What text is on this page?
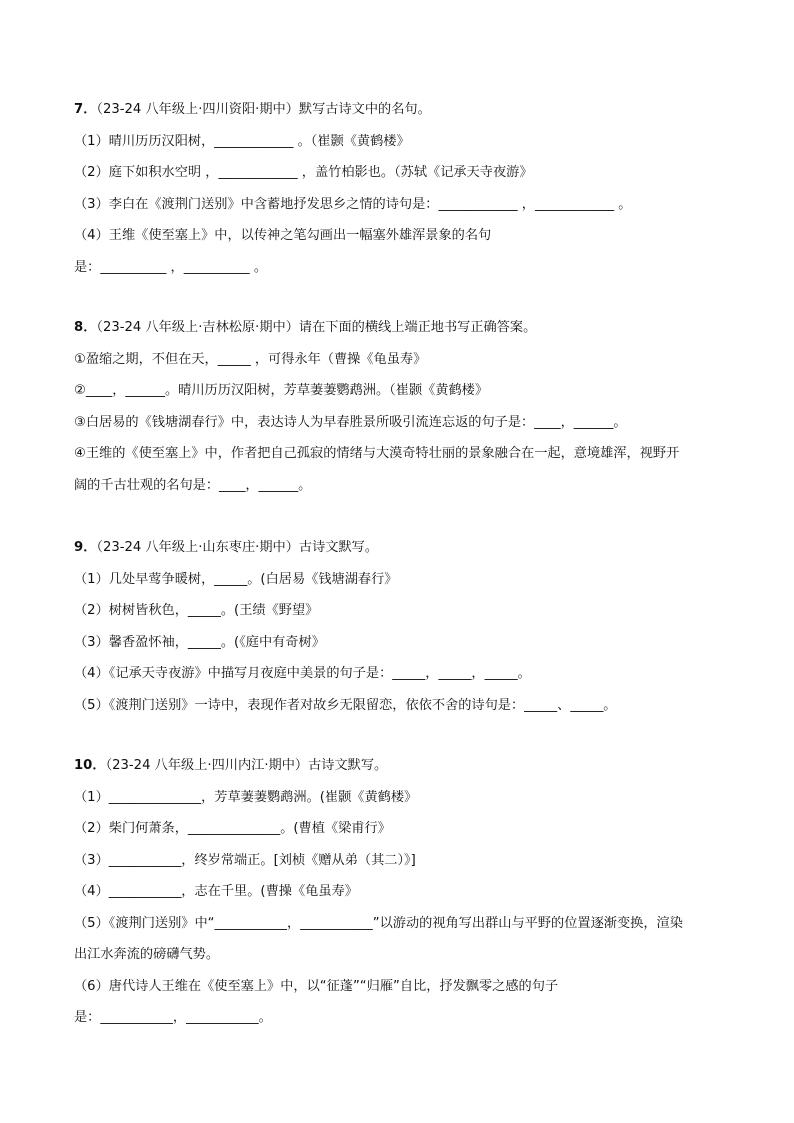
7．（23-24 八年级上·四川资阳·期中）默写古诗文中的名句。
（1）晴川历历汉阳树，____________ 。（崔颢《黄鹤楼》
（2）庭下如积水空明 ，____________ ，盖竹柏影也。（苏轼《记承天寺夜游》
（3）李白在《渡荆门送别》中含蓄地抒发思乡之情的诗句是：____________ ，____________ 。
（4）王维《使至塞上》中，以传神之笔勾画出一幅塞外雄浑景象的名句
是：__________ ，__________ 。
8．（23-24 八年级上·吉林松原·期中）请在下面的横线上端正地书写正确答案。
①盈缩之期，不但在天，_____ ，可得永年（曹操《龟虽寿》
②____，______。晴川历历汉阳树，芳草萋萋鹦鹉洲。（崔颢《黄鹤楼》
③白居易的《钱塘湖春行》中，表达诗人为早春胜景所吸引流连忘返的句子是：____，______。
④王维的《使至塞上》中，作者把自己孤寂的情绪与大漠奇特壮丽的景象融合在一起，意境雄浑，视野开
阔的千古壮观的名句是：____，______。
9．（23-24 八年级上·山东枣庄·期中）古诗文默写。
（1）几处早莺争暖树，_____。(白居易《钱塘湖春行》
（2）树树皆秋色，_____。(王绩《野望》
（3）馨香盈怀袖，_____。(《庭中有奇树》
（4）《记承天寺夜游》中描写月夜庭中美景的句子是：_____，_____，_____。
（5）《渡荆门送别》一诗中，表现作者对故乡无限留恋，依依不舍的诗句是：_____、_____。
10．（23-24 八年级上·四川内江·期中）古诗文默写。
（1）______________，芳草萋萋鹦鹉洲。(崔颢《黄鹤楼》
（2）柴门何萧条，______________。(曹植《梁甫行》
（3）___________，终岁常端正。[刘桢《赠从弟（其二）》]
（4）___________，志在千里。(曹操《龟虽寿》
（5）《渡荆门送别》中“___________，___________”以游动的视角写出群山与平野的位置逐渐变换，渲染
出江水奔流的磅礴气势。
（6）唐代诗人王维在《使至塞上》中，以“征蓬”“归雁”自比，抒发飘零之感的句子
是：___________，___________。
